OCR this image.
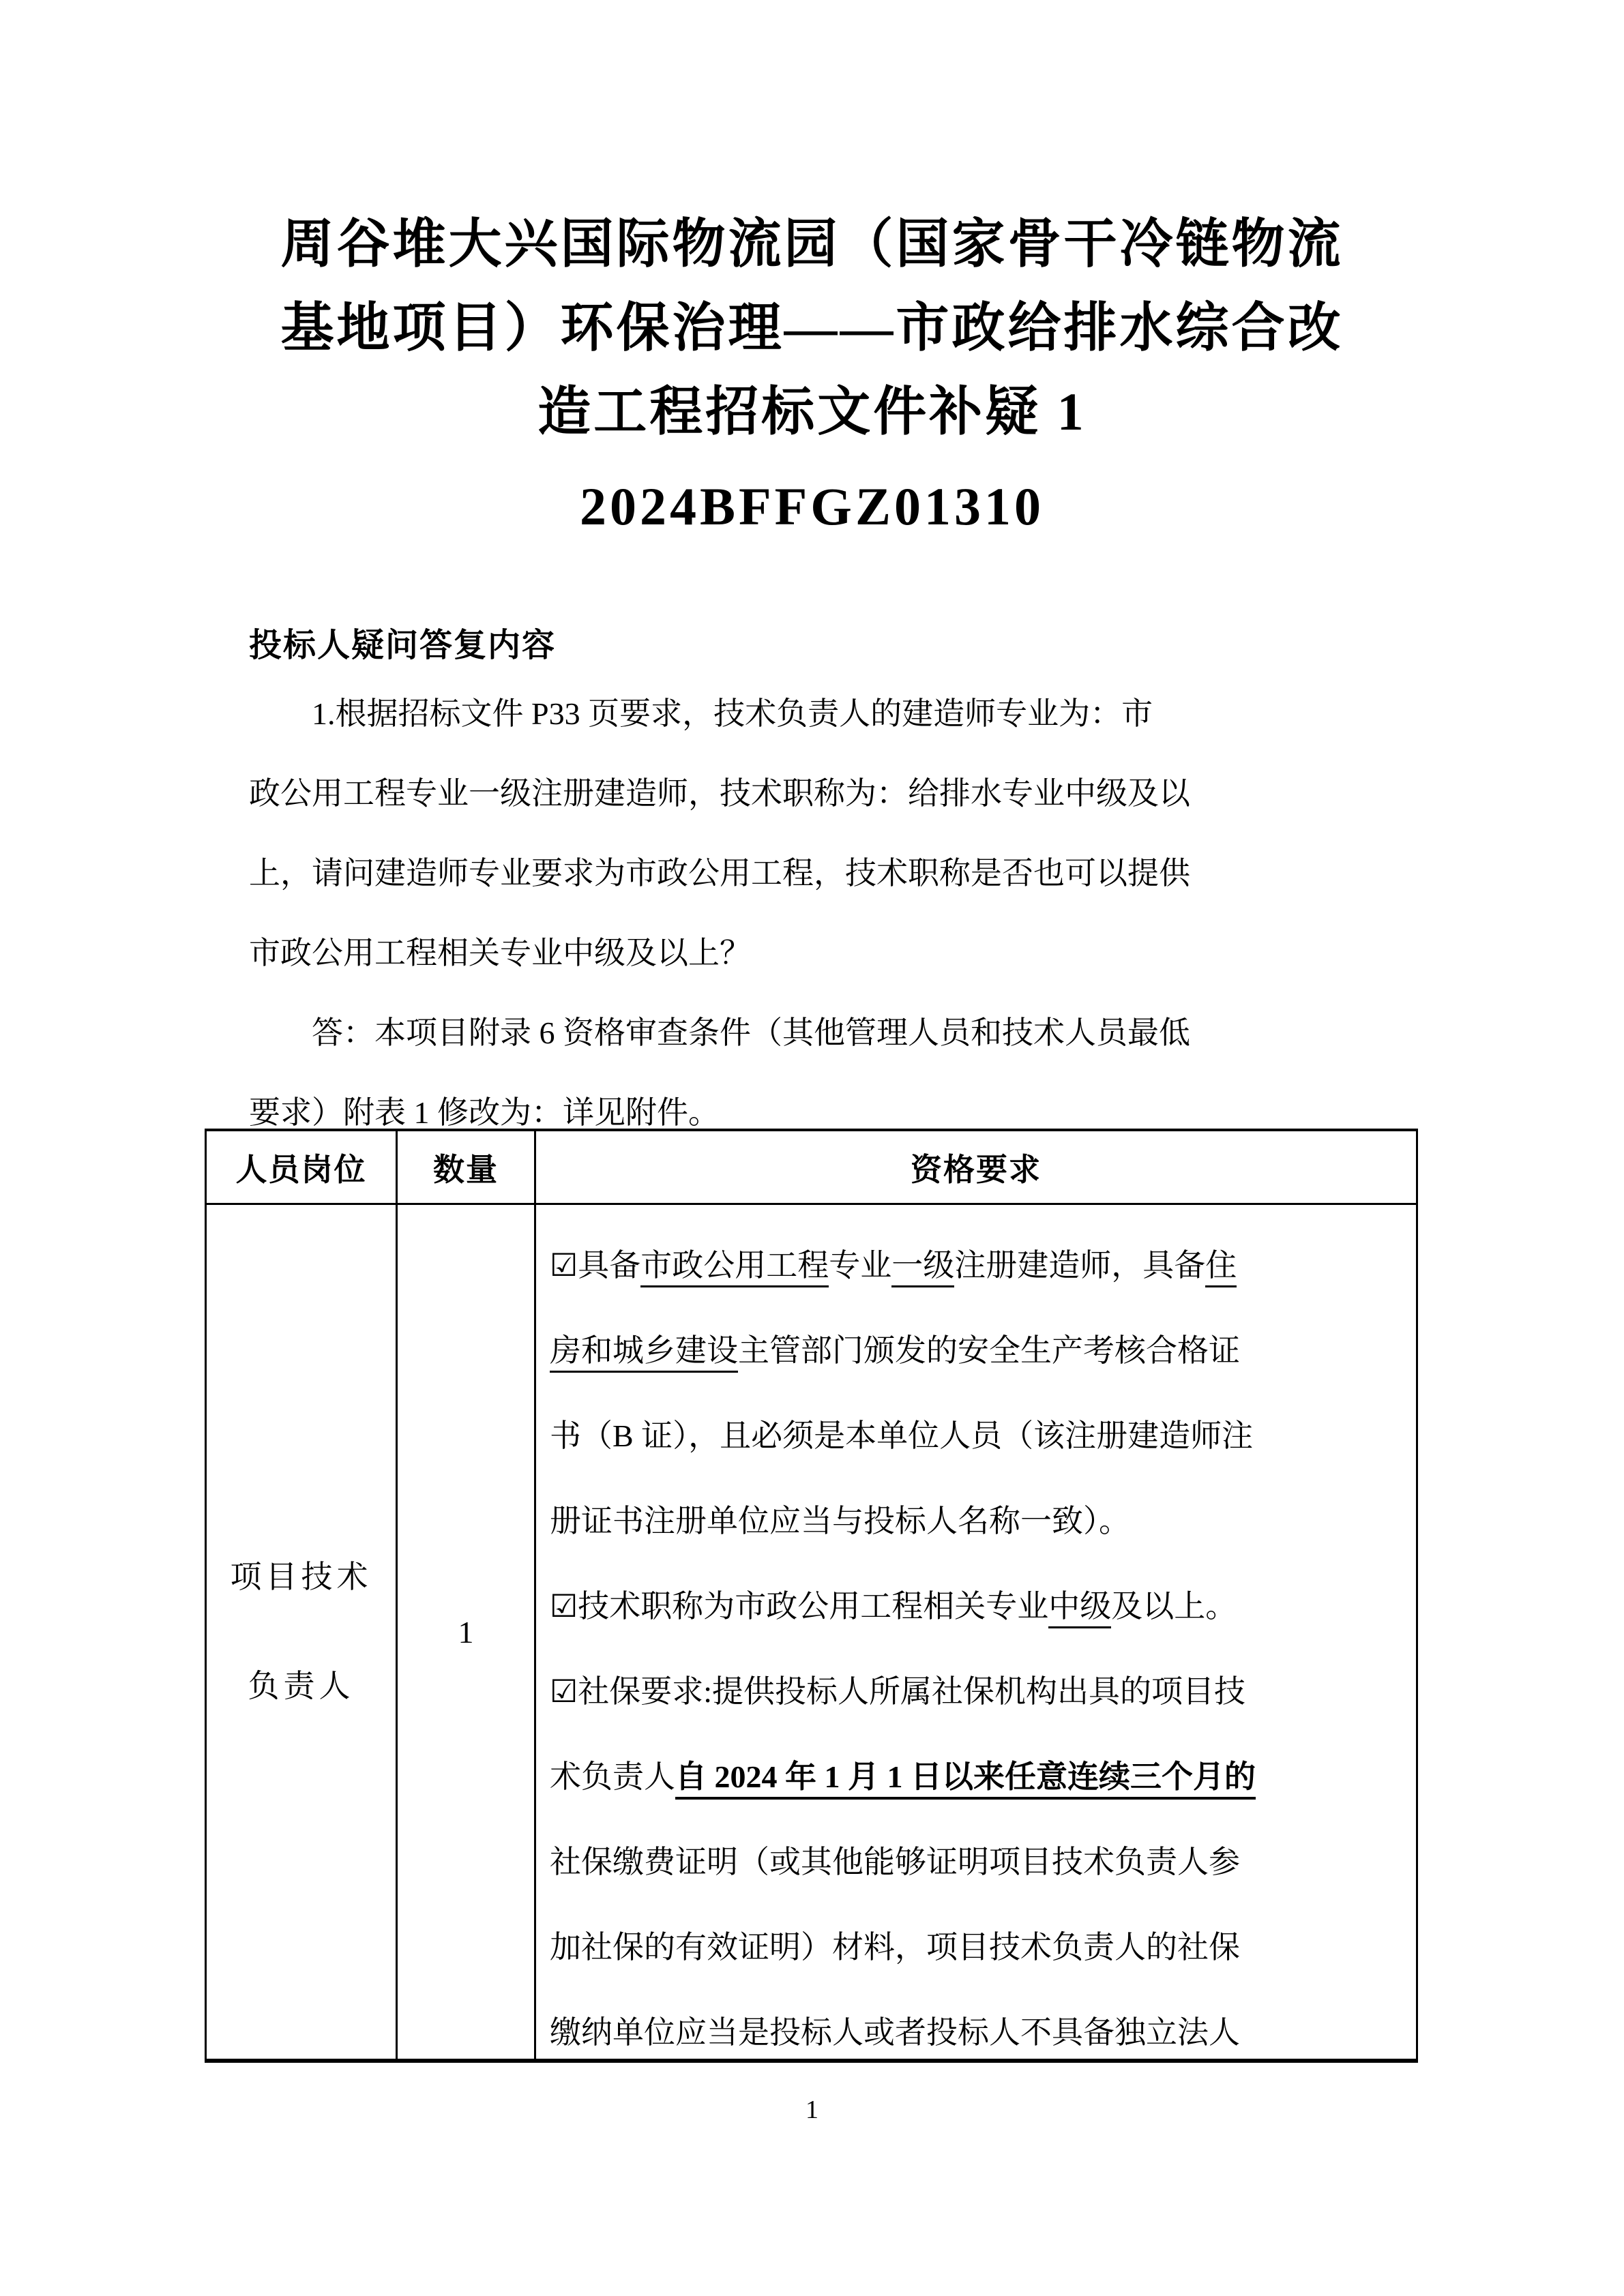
周谷堆大兴国际物流园（国家骨干冷链物流
基地项目）环保治理——市政给排水综合改
造工程招标文件补疑 1
2024BFFGZ01310
投标人疑问答复内容
1.根据招标文件 P33 页要求，技术负责人的建造师专业为：市
政公用工程专业一级注册建造师，技术职称为：给排水专业中级及以
上，请问建造师专业要求为市政公用工程，技术职称是否也可以提供
市政公用工程相关专业中级及以上？
答：本项目附录 6 资格审查条件（其他管理人员和技术人员最低
要求）附表 1 修改为：详见附件。
人员岗位	数量	资格要求
项目技术
负责人
1
☑具备市政公用工程专业一级注册建造师，具备住
房和城乡建设主管部门颁发的安全生产考核合格证
书（B 证），且必须是本单位人员（该注册建造师注
册证书注册单位应当与投标人名称一致）。
☑技术职称为市政公用工程相关专业中级及以上。
☑社保要求:提供投标人所属社保机构出具的项目技
术负责人自 2024 年 1 月 1 日以来任意连续三个月的
社保缴费证明（或其他能够证明项目技术负责人参
加社保的有效证明）材料，项目技术负责人的社保
缴纳单位应当是投标人或者投标人不具备独立法人
1
